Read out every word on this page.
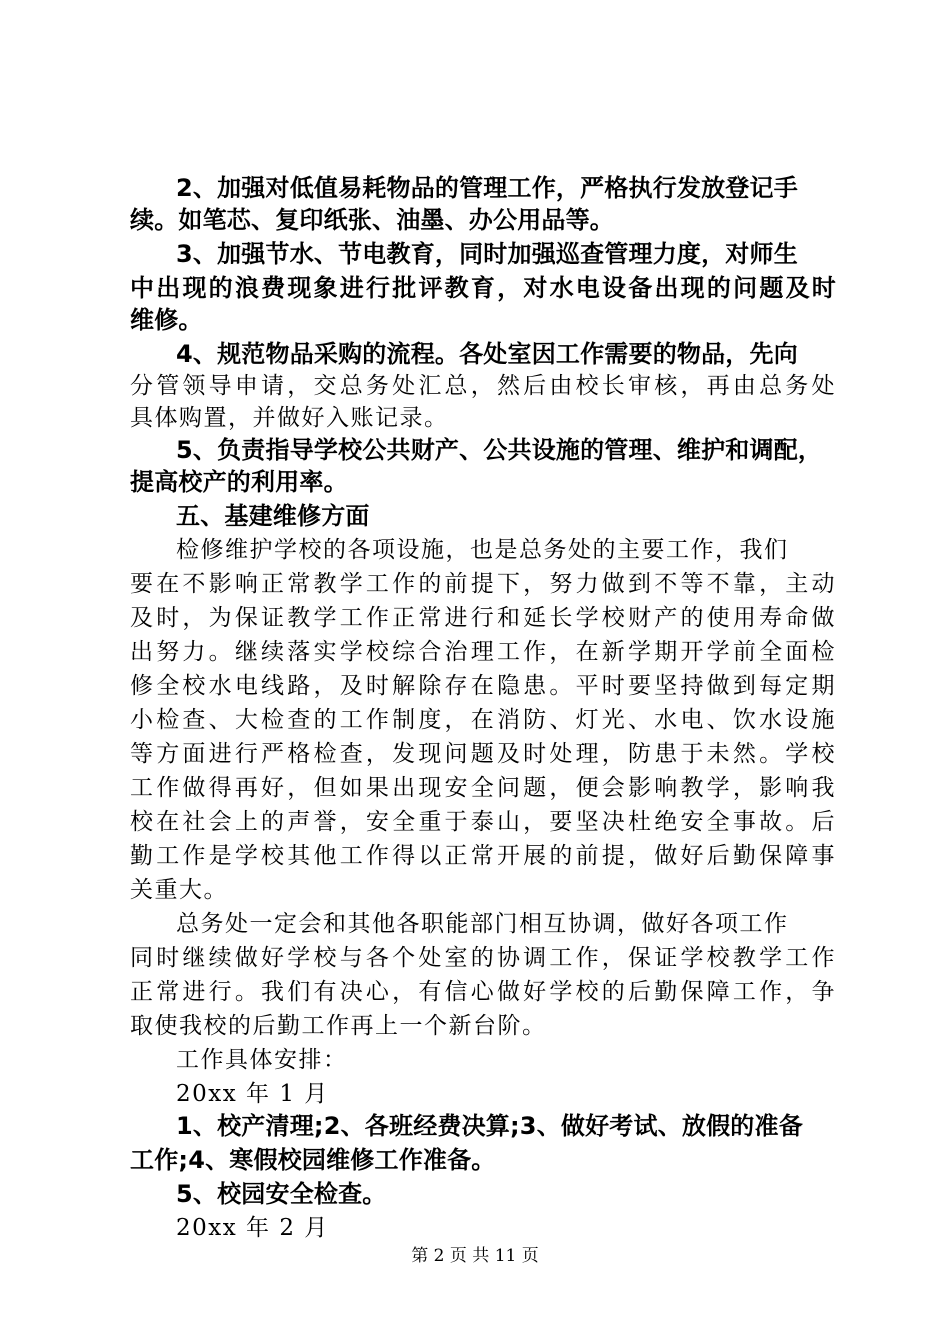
2、加强对低值易耗物品的管理工作，严格执行发放登记手
续。如笔芯、复印纸张、油墨、办公用品等。
3、加强节水、节电教育，同时加强巡查管理力度，对师生
中出现的浪费现象进行批评教育，对水电设备出现的问题及时
维修。
4、规范物品采购的流程。各处室因工作需要的物品，先向
分管领导申请，交总务处汇总，然后由校长审核，再由总务处
具体购置，并做好入账记录。
5、负责指导学校公共财产、公共设施的管理、维护和调配，
提高校产的利用率。
五、基建维修方面
检修维护学校的各项设施，也是总务处的主要工作，我们
要在不影响正常教学工作的前提下，努力做到不等不靠，主动
及时，为保证教学工作正常进行和延长学校财产的使用寿命做
出努力。继续落实学校综合治理工作，在新学期开学前全面检
修全校水电线路，及时解除存在隐患。平时要坚持做到每定期
小检查、大检查的工作制度，在消防、灯光、水电、饮水设施
等方面进行严格检查，发现问题及时处理，防患于未然。学校
工作做得再好，但如果出现安全问题，便会影响教学，影响我
校在社会上的声誉，安全重于泰山，要坚决杜绝安全事故。后
勤工作是学校其他工作得以正常开展的前提，做好后勤保障事
关重大。
总务处一定会和其他各职能部门相互协调，做好各项工作
同时继续做好学校与各个处室的协调工作，保证学校教学工作
正常进行。我们有决心，有信心做好学校的后勤保障工作，争
取使我校的后勤工作再上一个新台阶。
工作具体安排：
20xx 年 1 月
1、校产清理;2、各班经费决算;3、做好考试、放假的准备
工作;4、寒假校园维修工作准备。
5、校园安全检查。
20xx 年 2 月
第 2 页 共 11 页
